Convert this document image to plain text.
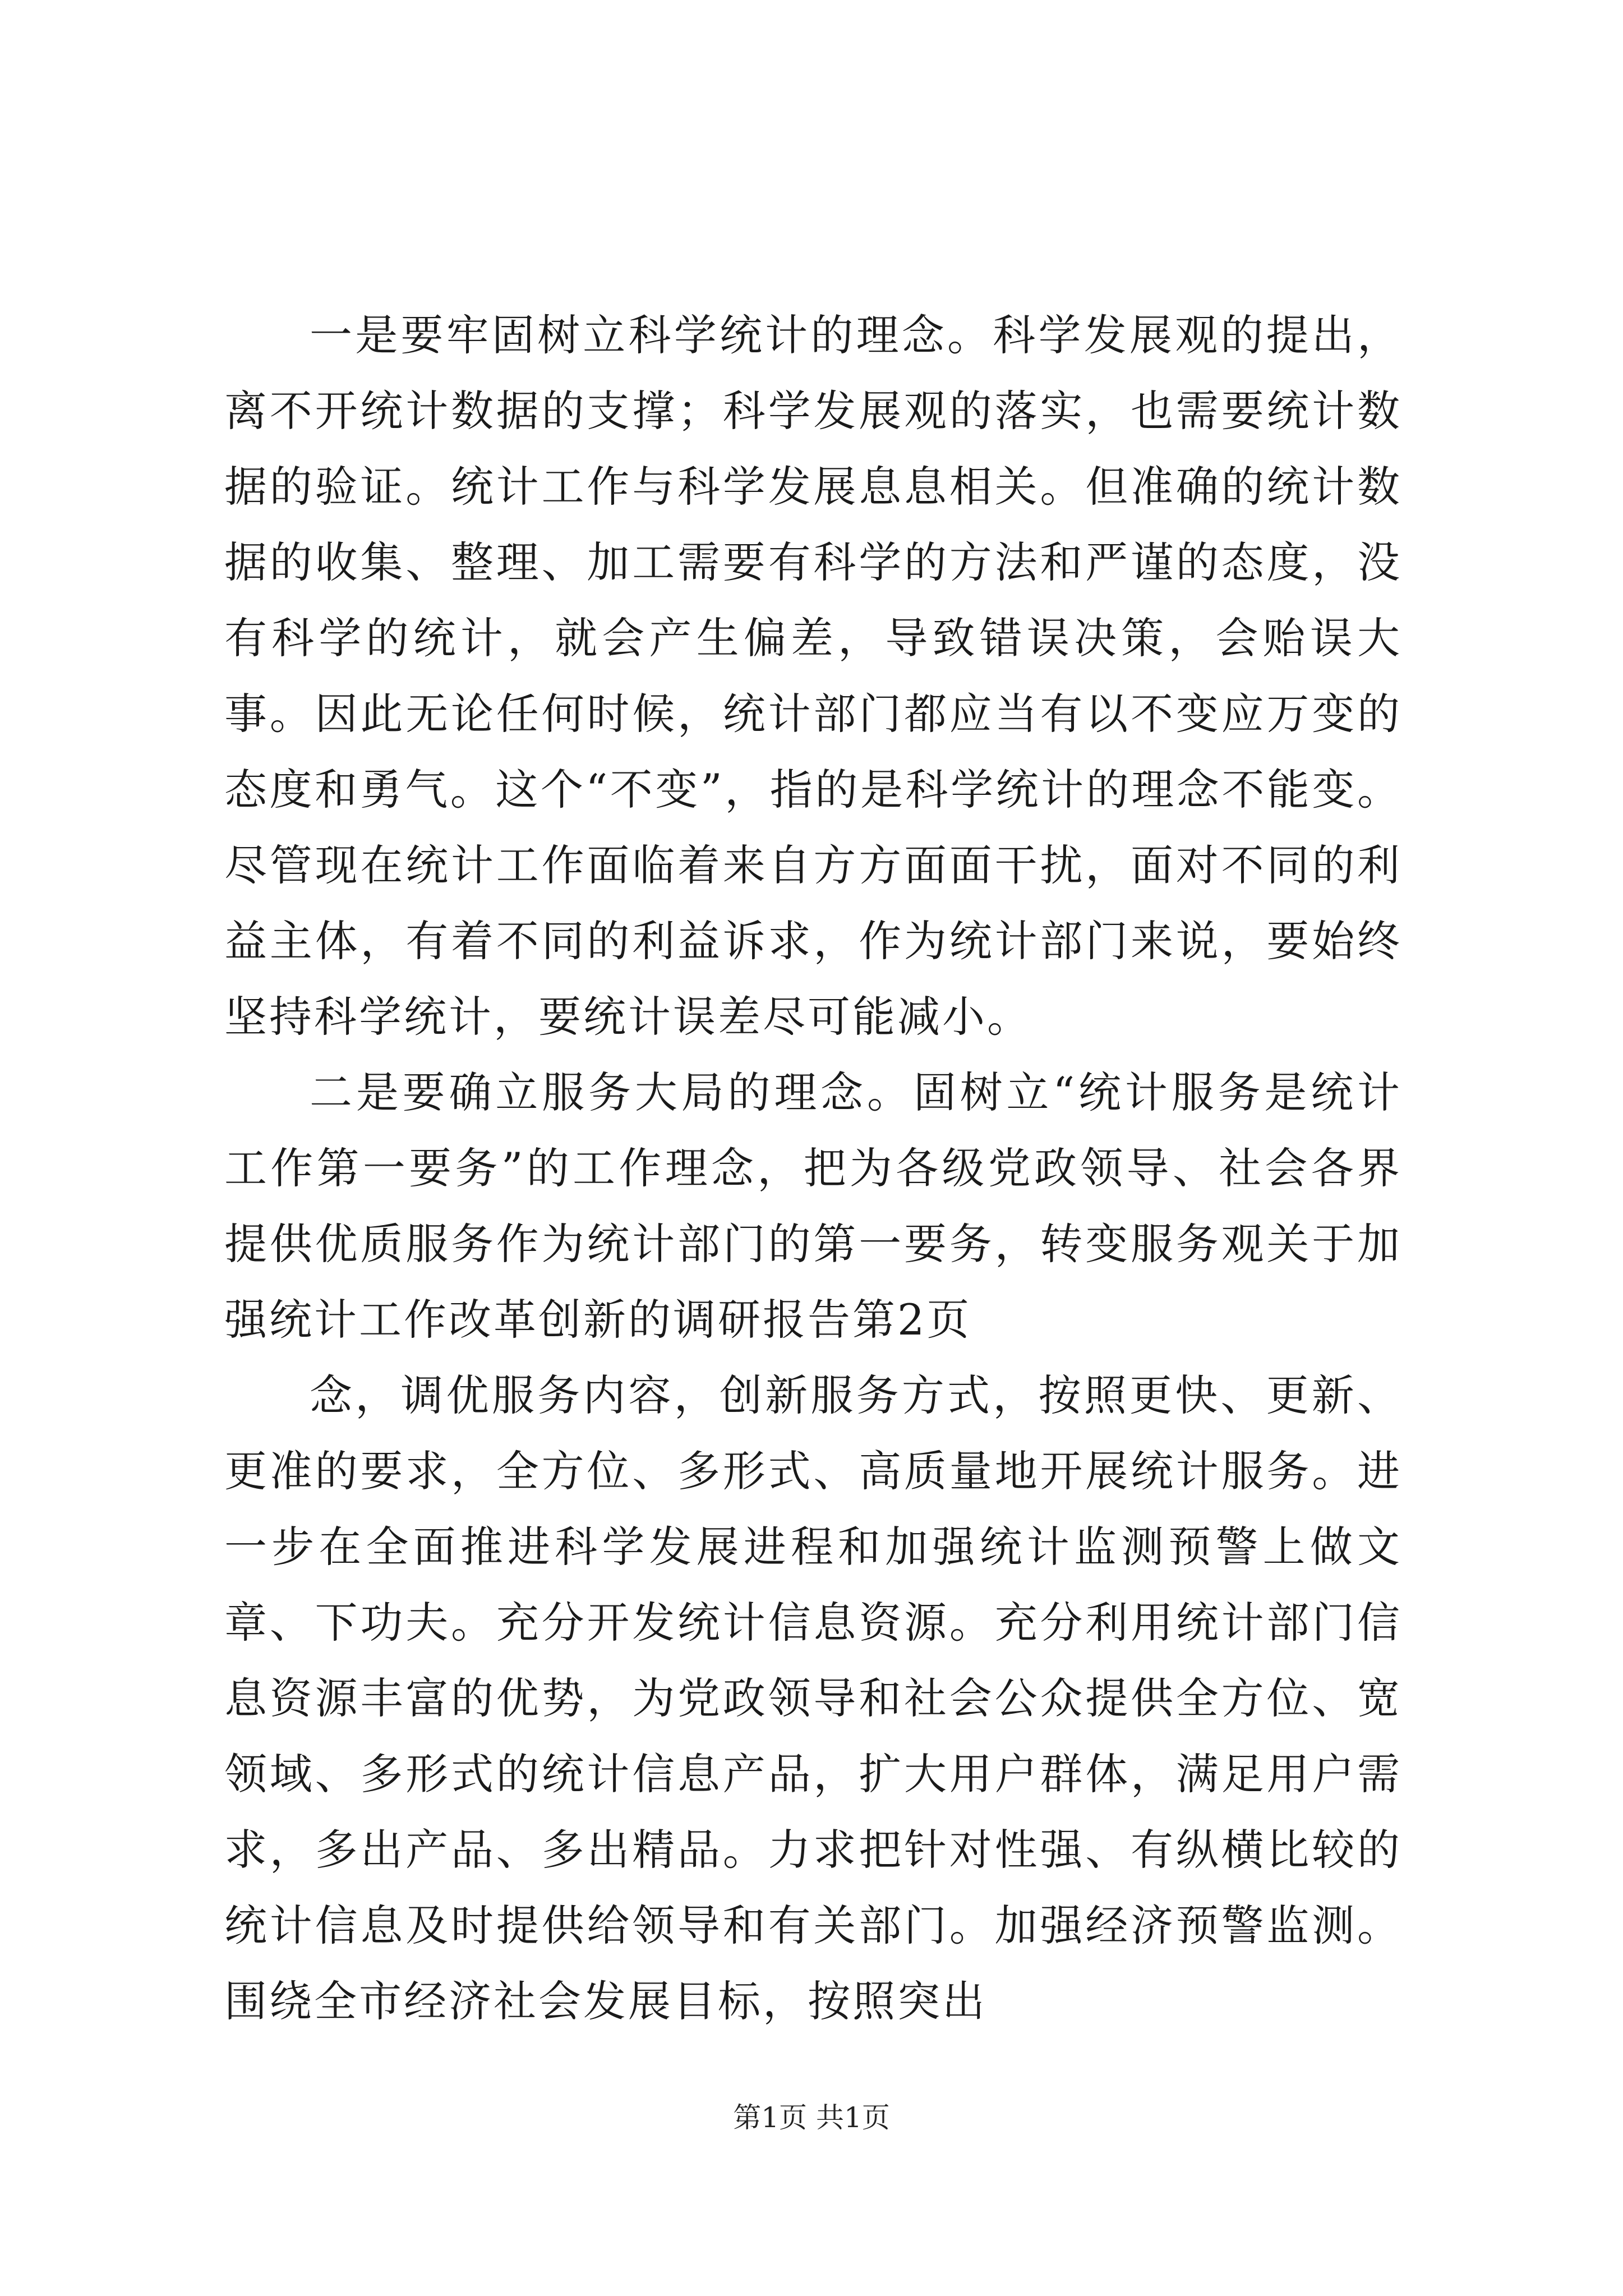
一是要牢固树立科学统计的理念。科学发展观的提出，离不开统计数据的支撑；科学发展观的落实，也需要统计数据的验证。统计工作与科学发展息息相关。但准确的统计数据的收集、整理、加工需要有科学的方法和严谨的态度，没有科学的统计，就会产生偏差，导致错误决策，会贻误大事。因此无论任何时候，统计部门都应当有以不变应万变的态度和勇气。这个“不变”，指的是科学统计的理念不能变。尽管现在统计工作面临着来自方方面面干扰，面对不同的利益主体，有着不同的利益诉求，作为统计部门来说，要始终坚持科学统计，要统计误差尽可能减小。

二是要确立服务大局的理念。固树立“统计服务是统计工作第一要务”的工作理念，把为各级党政领导、社会各界提供优质服务作为统计部门的第一要务，转变服务观关于加强统计工作改革创新的调研报告第2页

念，调优服务内容，创新服务方式，按照更快、更新、更准的要求，全方位、多形式、高质量地开展统计服务。进一步在全面推进科学发展进程和加强统计监测预警上做文章、下功夫。充分开发统计信息资源。充分利用统计部门信息资源丰富的优势，为党政领导和社会公众提供全方位、宽领域、多形式的统计信息产品，扩大用户群体，满足用户需求，多出产品、多出精品。力求把针对性强、有纵横比较的统计信息及时提供给领导和有关部门。加强经济预警监测。围绕全市经济社会发展目标，按照突出

第1页 共1页
